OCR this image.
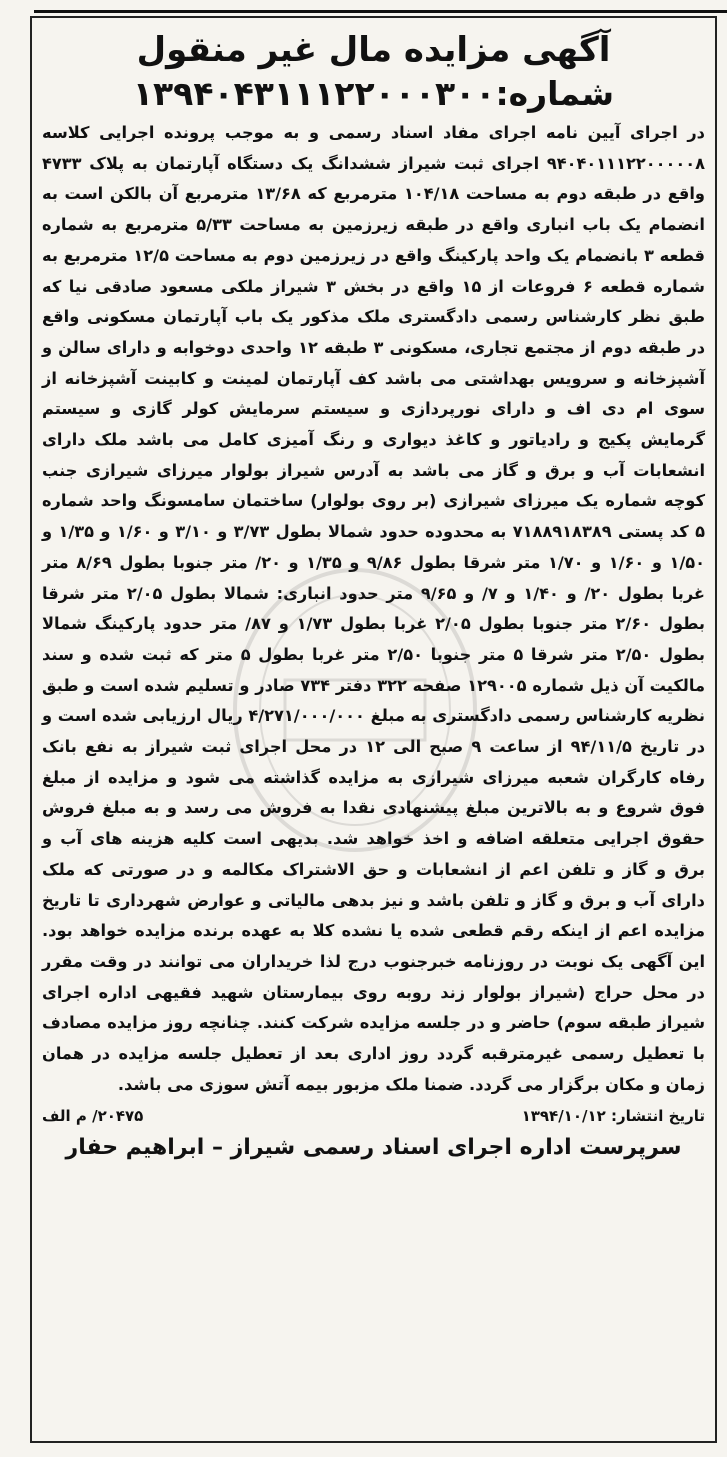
آگهی مزایده مال غیر منقول
شماره:۱۳۹۴۰۴۳۱۱۱۲۲۰۰۰۳۰۰

در اجرای آیین نامه اجرای مفاد اسناد رسمی و به موجب پرونده اجرایی کلاسه ۹۴۰۴۰۱۱۱۲۲۰۰۰۰۰۸ اجرای ثبت شیراز ششدانگ یک دستگاه آپارتمان به پلاک ۴۷۳۳ واقع در طبقه دوم به مساحت ۱۰۴/۱۸ مترمربع که ۱۳/۶۸ مترمربع آن بالکن است به انضمام یک باب انباری واقع در طبقه زیرزمین به مساحت ۵/۳۳ مترمربع به شماره قطعه ۳ بانضمام یک واحد پارکینگ واقع در زیرزمین دوم به مساحت ۱۲/۵ مترمربع به شماره قطعه ۶ فروعات از ۱۵ واقع در بخش ۳ شیراز ملکی مسعود صادقی نیا که طبق نظر کارشناس رسمی دادگستری ملک مذکور یک باب آپارتمان مسکونی واقع در طبقه دوم از مجتمع تجاری، مسکونی ۳ طبقه ۱۲ واحدی دوخوابه و دارای سالن و آشپزخانه و سرویس بهداشتی می باشد کف آپارتمان لمینت و کابینت آشپزخانه از سوی ام دی اف و دارای نورپردازی و سیستم سرمایش کولر گازی و سیستم گرمایش پکیج و رادیاتور و کاغذ دیواری و رنگ آمیزی کامل می باشد ملک دارای انشعابات آب و برق و گاز می باشد به آدرس شیراز بولوار میرزای شیرازی جنب کوچه شماره یک میرزای شیرازی (بر روی بولوار) ساختمان سامسونگ واحد شماره ۵ کد پستی ۷۱۸۸۹۱۸۳۸۹ به محدوده حدود شمالا بطول ۳/۷۳ و ۳/۱۰ و ۱/۶۰ و ۱/۳۵ و ۱/۵۰ و ۱/۶۰ و ۱/۷۰ متر شرقا بطول ۹/۸۶ و ۱/۳۵ و ۲۰/ متر جنوبا بطول ۸/۶۹ متر غربا بطول ۲۰/ و ۱/۴۰ و ۷/ و ۹/۶۵ متر حدود انباری: شمالا بطول ۲/۰۵ متر شرقا بطول ۲/۶۰ متر جنوبا بطول ۲/۰۵ غربا بطول ۱/۷۳ و ۸۷/ متر حدود پارکینگ شمالا بطول ۲/۵۰ متر شرقا ۵ متر جنوبا ۲/۵۰ متر غربا بطول ۵ متر که ثبت شده و سند مالکیت آن ذیل شماره ۱۲۹۰۰۵ صفحه ۳۲۲ دفتر ۷۳۴ صادر و تسلیم شده است و طبق نظریه کارشناس رسمی دادگستری به مبلغ ۴/۲۷۱/۰۰۰/۰۰۰ ریال ارزیابی شده است و در تاریخ ۹۴/۱۱/۵ از ساعت ۹ صبح الی ۱۲ در محل اجرای ثبت شیراز به نفع بانک رفاه کارگران شعبه میرزای شیرازی به مزایده گذاشته می شود و مزایده از مبلغ فوق شروع و به بالاترین مبلغ پیشنهادی نقدا به فروش می رسد و به مبلغ فروش حقوق اجرایی متعلقه اضافه و اخذ خواهد شد. بدیهی است کلیه هزینه های آب و برق و گاز و تلفن اعم از انشعابات و حق الاشتراک مکالمه و در صورتی که ملک دارای آب و برق و گاز و تلفن باشد و نیز بدهی مالیاتی و عوارض شهرداری تا تاریخ مزایده اعم از اینکه رقم قطعی شده یا نشده کلا به عهده برنده مزایده خواهد بود. این آگهی یک نوبت در روزنامه خبرجنوب درج لذا خریداران می توانند در وقت مقرر در محل حراج (شیراز بولوار زند روبه روی بیمارستان شهید فقیهی اداره اجرای شیراز طبقه سوم) حاضر و در جلسه مزایده شرکت کنند. چنانچه روز مزایده مصادف با تعطیل رسمی غیرمترقبه گردد روز اداری بعد از تعطیل جلسه مزایده در همان زمان و مکان برگزار می گردد. ضمنا ملک مزبور بیمه آتش سوزی می باشد.

تاریخ انتشار: ۱۳۹۴/۱۰/۱۲
۲۰۴۷۵/ م الف
سرپرست اداره اجرای اسناد رسمی شیراز – ابراهیم حفار
